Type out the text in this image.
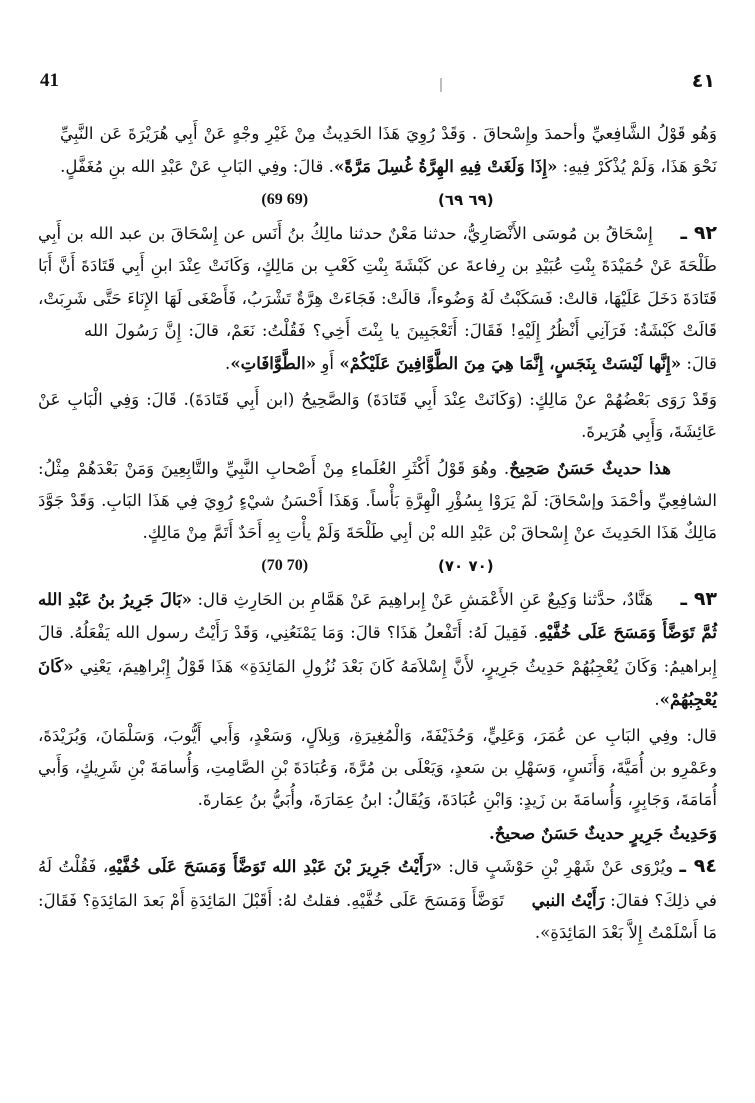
41	٤١

وَهُو قَوْلُ الشَّافِعيِّ وأحمدَ وإِسْحاقَ . وَقَدْ رُوِيَ هَذَا الحَدِيثُ مِنْ غَيْرِ وجْهٍ عَنْ أَبِي هُرَيْرَةَ عَن النَّبِيِّنَحْوَ هَذَا، وَلَمْ يُذْكَرْ فِيهِ: «إِذَا وَلَغَتْ فِيهِ الهِرَّةُ غُسِلَ مَرَّةً». قالَ: وفِي البَابِ عَنْ عَبْدِ الله بنِ مُغَفَّلٍ.

(69 69)	(٦٩ ٦٩)

٩٢ ـ إِسْحَاقُ بن مُوسَى الأَنْصَارِيُّ، حدثنا مَعْنٌ حدثنا مالِكُ بنُ أَنَس عن إِسْحَاقَ بن عبد الله بن أَبِي طَلْحَةَ عَنْ حُمَيْدَةَ بِنْتِ عُبَيْدِ بن رِفاعةَ عن كَبْشَةَ بِنْتِ كَعْبِ بن مَالِكٍ، وَكَانَتْ عِنْدَ ابنِ أَبِي قَتَادَةَ أَنَّ أَبَا قَتَادَةَ دَخَلَ عَلَيْهَا، قالتْ: فَسَكَبْتُ لَهُ وَضُوءاً، قالَتْ: فَجَاءَتْ هِرَّةٌ تَشْرَبُ، فَأَصْغَى لَهَا الإِنَاءَ حَتَّى شَرِبَتْ، قَالَتْ كَبْشَةُ: فَرَآنِي أَنْظُرُ إِلَيْهِ! فَقَالَ: أَتَعْجَبِينَ يا بِنْتَ أَخِي؟ فَقُلْتُ: نَعَمْ، قالَ: إِنَّ رَسُولَ اللهقالَ: «إِنَّها لَيْسَتْ بِنَجَسٍ، إِنَّمَا هِيَ مِنَ الطَّوَّافِينَ عَلَيْكُمْ» أَوِ «الطَّوَّافَاتِ».

وَقَدْ رَوَى بَعْضُهُمْ عنْ مَالِكٍ: (وَكَانَتْ عِنْدَ أَبِي قَتَادَةَ) وَالصَّحِيحُ (ابن أَبِي قَتَادَةَ). قَالَ: وَفِي الْبَابِ عَنْ عَائِشَةَ، وَأَبِي هُرَيرةَ.

هذا حديثٌ حَسَنٌ صَحِيحٌ. وهُوَ قَوْلُ أَكْثَرِ العُلَماءِ مِنْ أَصْحابِ النَّبِيِّ والتَّابِعِينَ وَمَنْ بَعْدَهُمْ مِثْلُ: الشافِعِيِّ وأحْمَدَ وإسْحَاقَ: لَمْ يَرَوْا بِسُؤْرِ الْهِرَّةِ بَأْساً. وَهَذَا أَحْسَنُ شيْءٍ رُوِيَ فِي هَذَا البَابِ. وَقَدْ جَوَّدَ مَالِكٌ هَذَا الحَدِيثَ عنْ إِسْحاقَ بْن عَبْدِ الله بْن أبِي طَلْحَةَ وَلَمْ يأْتِ بِهِ أَحَدٌ أَتَمَّ مِنْ مَالِكٍ.

(70 70)	(٧٠ ٧٠)

٩٣ ـ هَنَّادٌ، حدَّثنا وَكِيعٌ عَنِ الأَعْمَشِ عَنْ إِبراهِيمَ عَنْ هَمَّامِ بن الحَارِثِ قال: «بَالَ جَرِيرُ بنُ عَبْدِ الله ثُمَّ تَوَضَّأَ وَمَسَحَ عَلَى خُفَّيْهِ. فَقِيلَ لَهُ: أَتَفْعلُ هَذَا؟ قالَ: وَمَا يَمْنَعُنِي، وَقَدْ رَأَيْتُ رسول الله يَفْعَلُهُ. قالَ إِبراهيمُ: وَكَانَ يُعْجِبُهُمْ حَدِيثُ جَرِيرٍ، لأَنَّ إِسْلاَمَهُ كَانَ بَعْدَ نُزُولِ المَائِدَةِ» هَذَا قَوْلُ إِبْراهِيمَ، يَعْنِي «كَانَ يُعْجِبُهُمْ».

قال: وفِي البَابِ عن عُمَرَ، وَعَلِيٍّ، وَحُذَيْفَةَ، وَالْمُغِيرَةِ، وَبِلاَلٍ، وَسَعْدٍ، وَأَبي أَيُّوبَ، وَسَلْمَانَ، وَبُرَيْدَةَ، وعَمْرِو بن أُمَيَّةَ، وَأَنَسٍ، وَسَهْلِ بن سَعدٍ، وَيَعْلَى بن مُرَّةَ، وَعُبَادَةَ بْنِ الصَّامِتِ، وَأُسامَةَ بْنِ شَرِيكٍ، وَأَبي أُمَامَةَ، وَجَابِرٍ، وَأُسامَةَ بن زَيدٍ: وَابْنِ عُبَادَةَ، وَيُقَالُ: ابنُ عِمَارَةَ، وأُبَيُّ بنُ عِمَارةَ.

وَحَدِيثُ جَرِيرٍ حديثٌ حَسَنٌ صحيحٌ.

٩٤ ـ ويُرْوَى عَنْ شَهْرِ بْنِ حَوْشَبٍ قال: «رَأَيْتُ جَرِيرَ بْنَ عَبْدِ الله تَوَضَّأَ وَمَسَحَ عَلَى خُفَّيْهِ، فَقُلْتُ لَهُ في ذلِكَ؟ فقالَ: رَأَيْتُ النبي تَوَضَّأَ وَمَسَحَ عَلَى خُفَّيْهِ. فقلتُ لهُ: أَقَبْلَ المَائِدَةِ أَمْ بَعدَ المَائِدَةِ؟ فَقَالَ: مَا أَسْلَمْتُ إِلاَّ بَعْدَ المَائِدَةِ».
